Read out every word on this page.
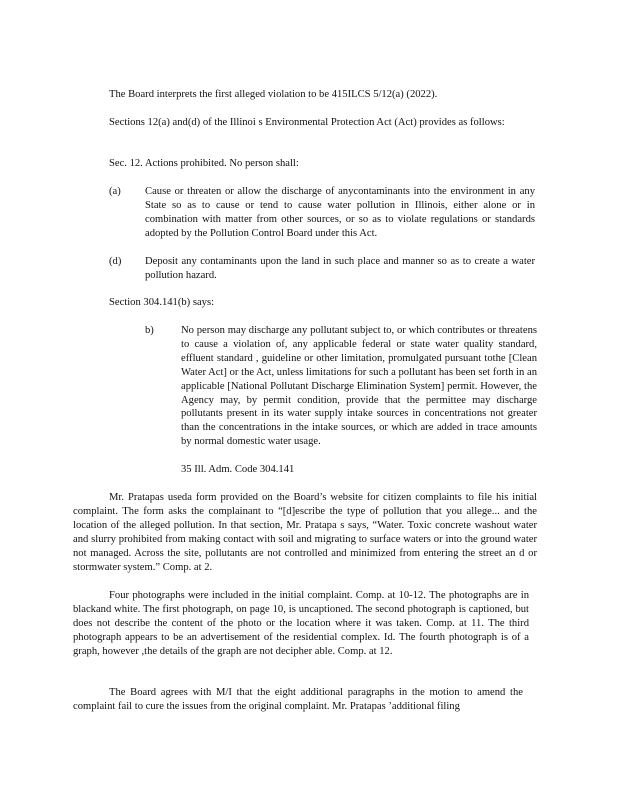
The Board interprets the first alleged violation to be 415ILCS 5/12(a) (2022).

Sections 12(a) and(d) of the Illinoi s Environmental Protection Act (Act) provides as follows:

Sec. 12. Actions prohibited. No person shall:

(a) Cause or threaten or allow the discharge of anycontaminants into the environment in any State so as to cause or tend to cause water pollution in Illinois, either alone or in combination with matter from other sources, or so as to violate regulations or standards adopted by the Pollution Control Board under this Act.

(d) Deposit any contaminants upon the land in such place and manner so as to create a water pollution hazard.

Section 304.141(b) says:

b)	No person may discharge any pollutant subject to, or which contributes or threatens to cause a violation of, any applicable federal or state water quality standard, effluent standard , guideline or other limitation, promulgated pursuant tothe [Clean Water Act] or the Act, unless limitations for such a pollutant has been set forth in an applicable [National Pollutant Discharge Elimination System] permit. However, the Agency may, by permit condition, provide that the permittee may discharge pollutants present in its water supply intake sources in concentrations not greater than the concentrations in the intake sources, or which are added in trace amounts by normal domestic water usage.

35 Ill. Adm. Code 304.141

Mr. Pratapas useda form provided on the Board’s website for citizen complaints to file his initial complaint. The form asks the complainant to “[d]escribe the type of pollution that you allege... and the location of the alleged pollution. In that section, Mr. Pratapa s says, “Water. Toxic concrete washout water and slurry prohibited from making contact with soil and migrating to surface waters or into the ground water not managed. Across the site, pollutants are not controlled and minimized from entering the street an d or stormwater system.” Comp. at 2.

Four photographs were included in the initial complaint. Comp. at 10-12. The photographs are in blackand white. The first photograph, on page 10, is uncaptioned. The second photograph is captioned, but does not describe the content of the photo or the location where it was taken. Comp. at 11. The third photograph appears to be an advertisement of the residential complex. Id. The fourth photograph is of a graph, however ,the details of the graph are not decipher able. Comp. at 12.

The Board agrees with M/I that the eight additional paragraphs in the motion to amend the complaint fail to cure the issues from the original complaint. Mr. Pratapas ’additional filing
